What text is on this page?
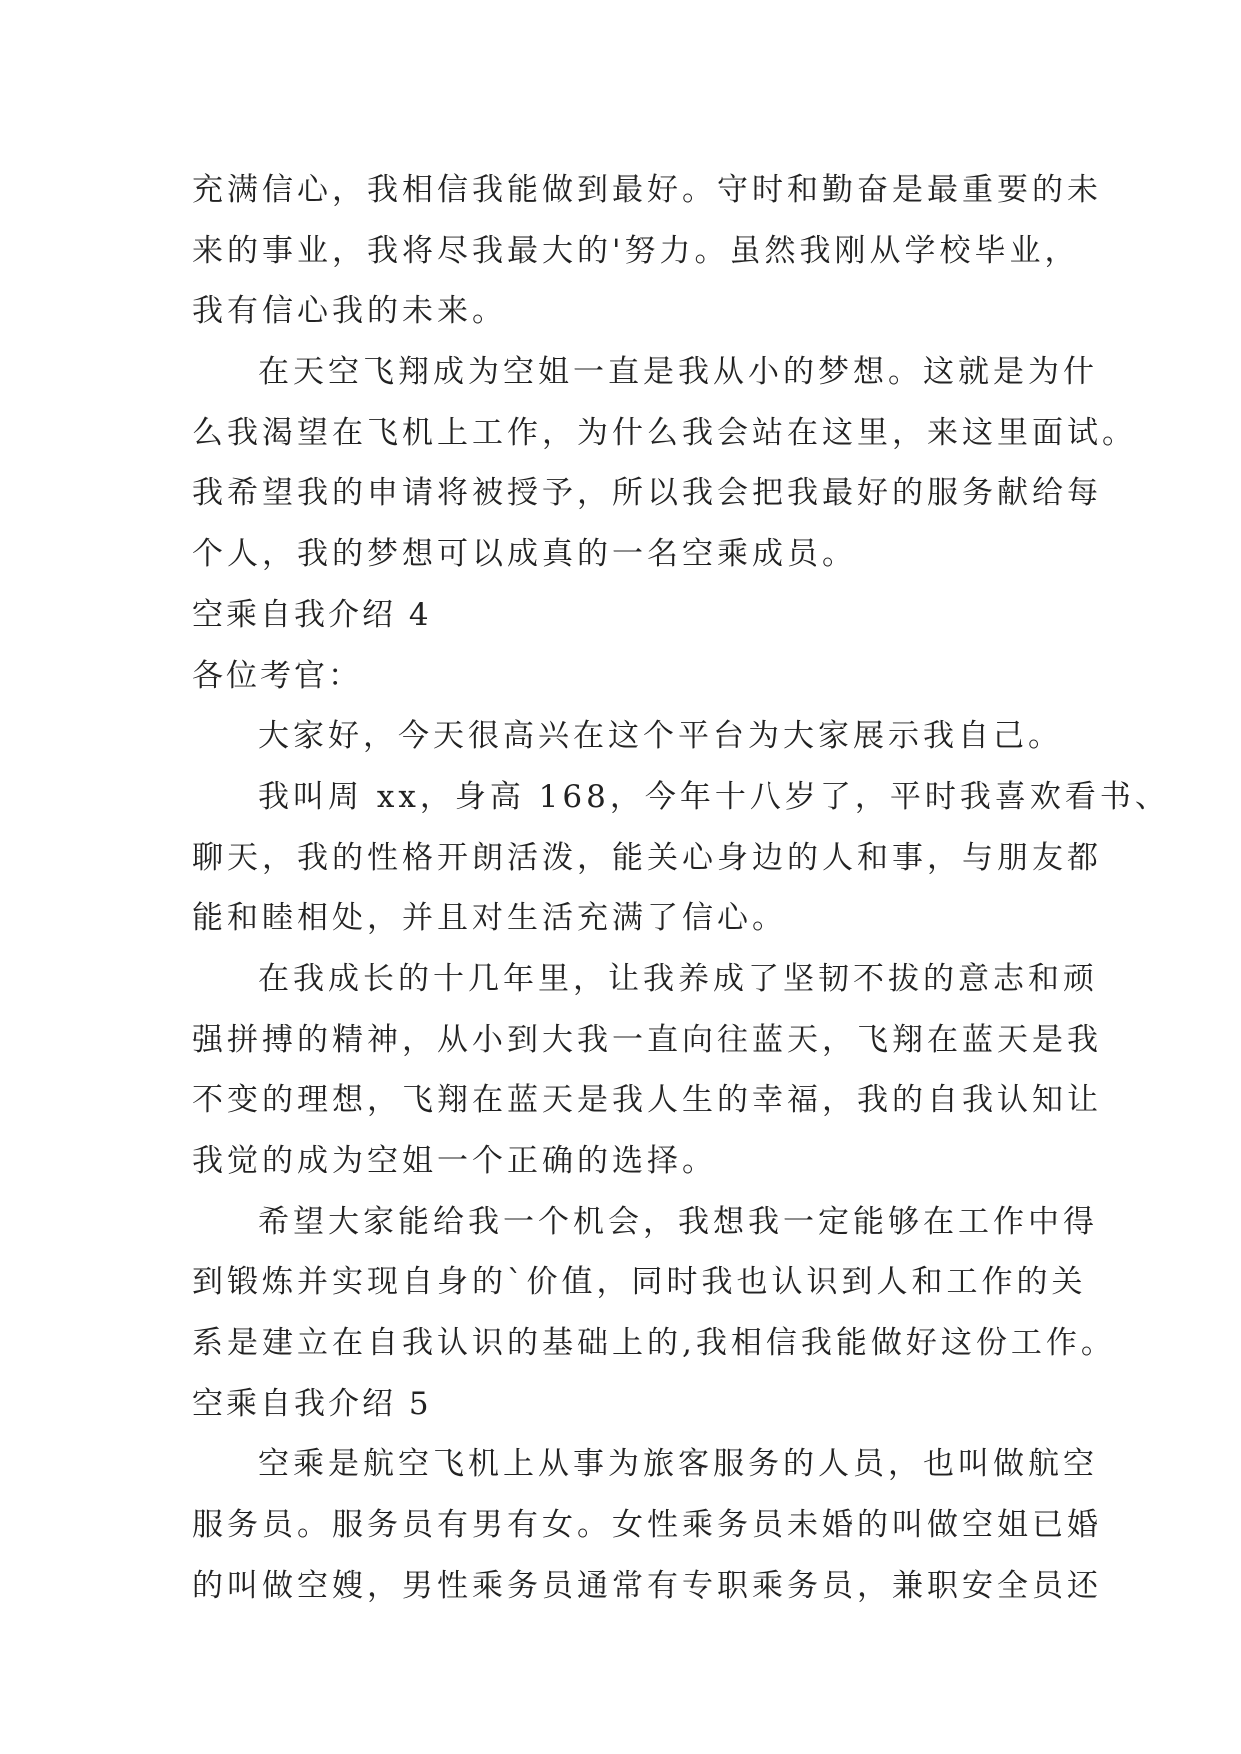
充满信心，我相信我能做到最好。守时和勤奋是最重要的未
来的事业，我将尽我最大的'努力。虽然我刚从学校毕业，
我有信心我的未来。
在天空飞翔成为空姐一直是我从小的梦想。这就是为什
么我渴望在飞机上工作，为什么我会站在这里，来这里面试。
我希望我的申请将被授予，所以我会把我最好的服务献给每
个人，我的梦想可以成真的一名空乘成员。
空乘自我介绍 4
各位考官：
大家好，今天很高兴在这个平台为大家展示我自己。
我叫周 xx，身高 168，今年十八岁了，平时我喜欢看书、
聊天，我的性格开朗活泼，能关心身边的人和事，与朋友都
能和睦相处，并且对生活充满了信心。
在我成长的十几年里，让我养成了坚韧不拔的意志和顽
强拼搏的精神，从小到大我一直向往蓝天，飞翔在蓝天是我
不变的理想，飞翔在蓝天是我人生的幸福，我的自我认知让
我觉的成为空姐一个正确的选择。
希望大家能给我一个机会，我想我一定能够在工作中得
到锻炼并实现自身的`价值，同时我也认识到人和工作的关
系是建立在自我认识的基础上的,我相信我能做好这份工作。
空乘自我介绍 5
空乘是航空飞机上从事为旅客服务的人员，也叫做航空
服务员。服务员有男有女。女性乘务员未婚的叫做空姐已婚
的叫做空嫂，男性乘务员通常有专职乘务员，兼职安全员还
